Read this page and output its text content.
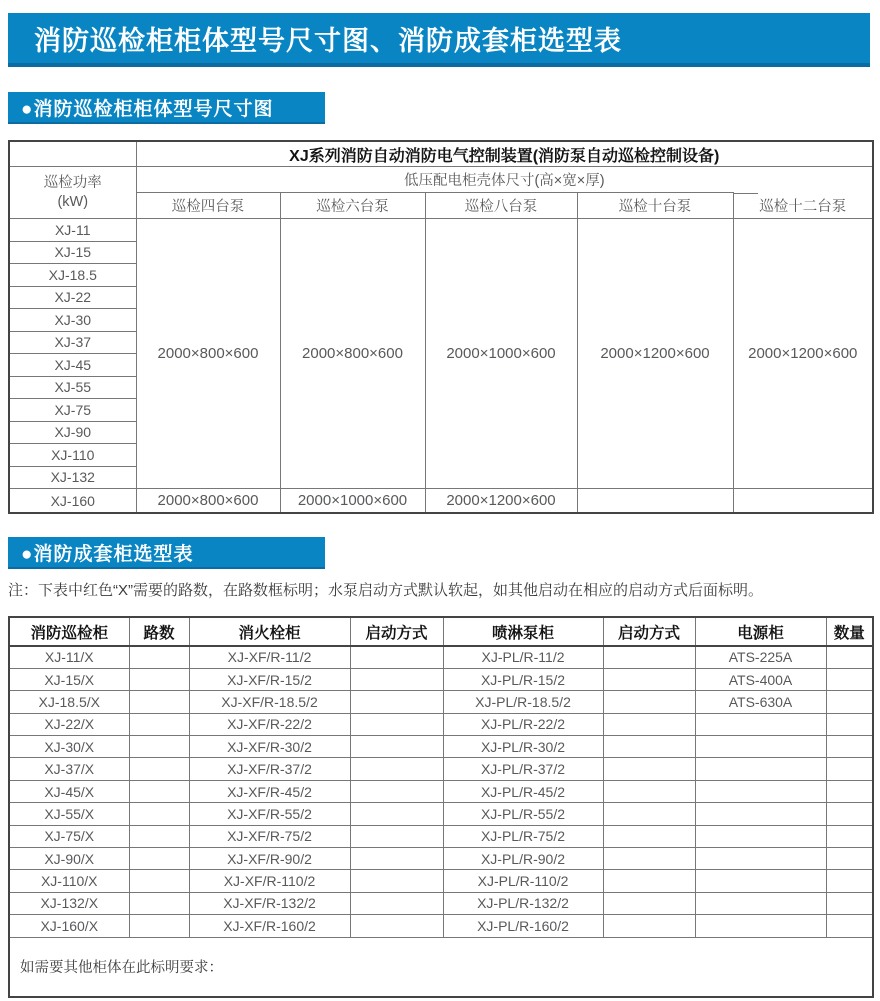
消防巡检柜柜体型号尺寸图、消防成套柜选型表
●消防巡检柜柜体型号尺寸图
	XJ系列消防自动消防电气控制装置(消防泵自动巡检控制设备)				
巡检功率
(kW)	低压配电柜壳体尺寸(高×宽×厚)				
	巡检四台泵	巡检六台泵	巡检八台泵	巡检十台泵	巡检十二台泵
XJ-11	2000×800×600	2000×800×600	2000×1000×600	2000×1200×600	2000×1200×600
XJ-15					
XJ-18.5					
XJ-22					
XJ-30					
XJ-37					
XJ-45					
XJ-55					
XJ-75					
XJ-90					
XJ-110					
XJ-132					
XJ-160	2000×800×600	2000×1000×600	2000×1200×600		
●消防成套柜选型表
注：下表中红色“X”需要的路数，在路数框标明；水泵启动方式默认软起，如其他启动在相应的启动方式后面标明。
消防巡检柜	路数	消火栓柜	启动方式	喷淋泵柜	启动方式	电源柜	数量
XJ-11/X		XJ-XF/R-11/2		XJ-PL/R-11/2		ATS-225A	
XJ-15/X		XJ-XF/R-15/2		XJ-PL/R-15/2		ATS-400A	
XJ-18.5/X		XJ-XF/R-18.5/2		XJ-PL/R-18.5/2		ATS-630A	
XJ-22/X		XJ-XF/R-22/2		XJ-PL/R-22/2			
XJ-30/X		XJ-XF/R-30/2		XJ-PL/R-30/2			
XJ-37/X		XJ-XF/R-37/2		XJ-PL/R-37/2			
XJ-45/X		XJ-XF/R-45/2		XJ-PL/R-45/2			
XJ-55/X		XJ-XF/R-55/2		XJ-PL/R-55/2			
XJ-75/X		XJ-XF/R-75/2		XJ-PL/R-75/2			
XJ-90/X		XJ-XF/R-90/2		XJ-PL/R-90/2			
XJ-110/X		XJ-XF/R-110/2		XJ-PL/R-110/2			
XJ-132/X		XJ-XF/R-132/2		XJ-PL/R-132/2			
XJ-160/X		XJ-XF/R-160/2		XJ-PL/R-160/2			
如需要其他柜体在此标明要求：							
